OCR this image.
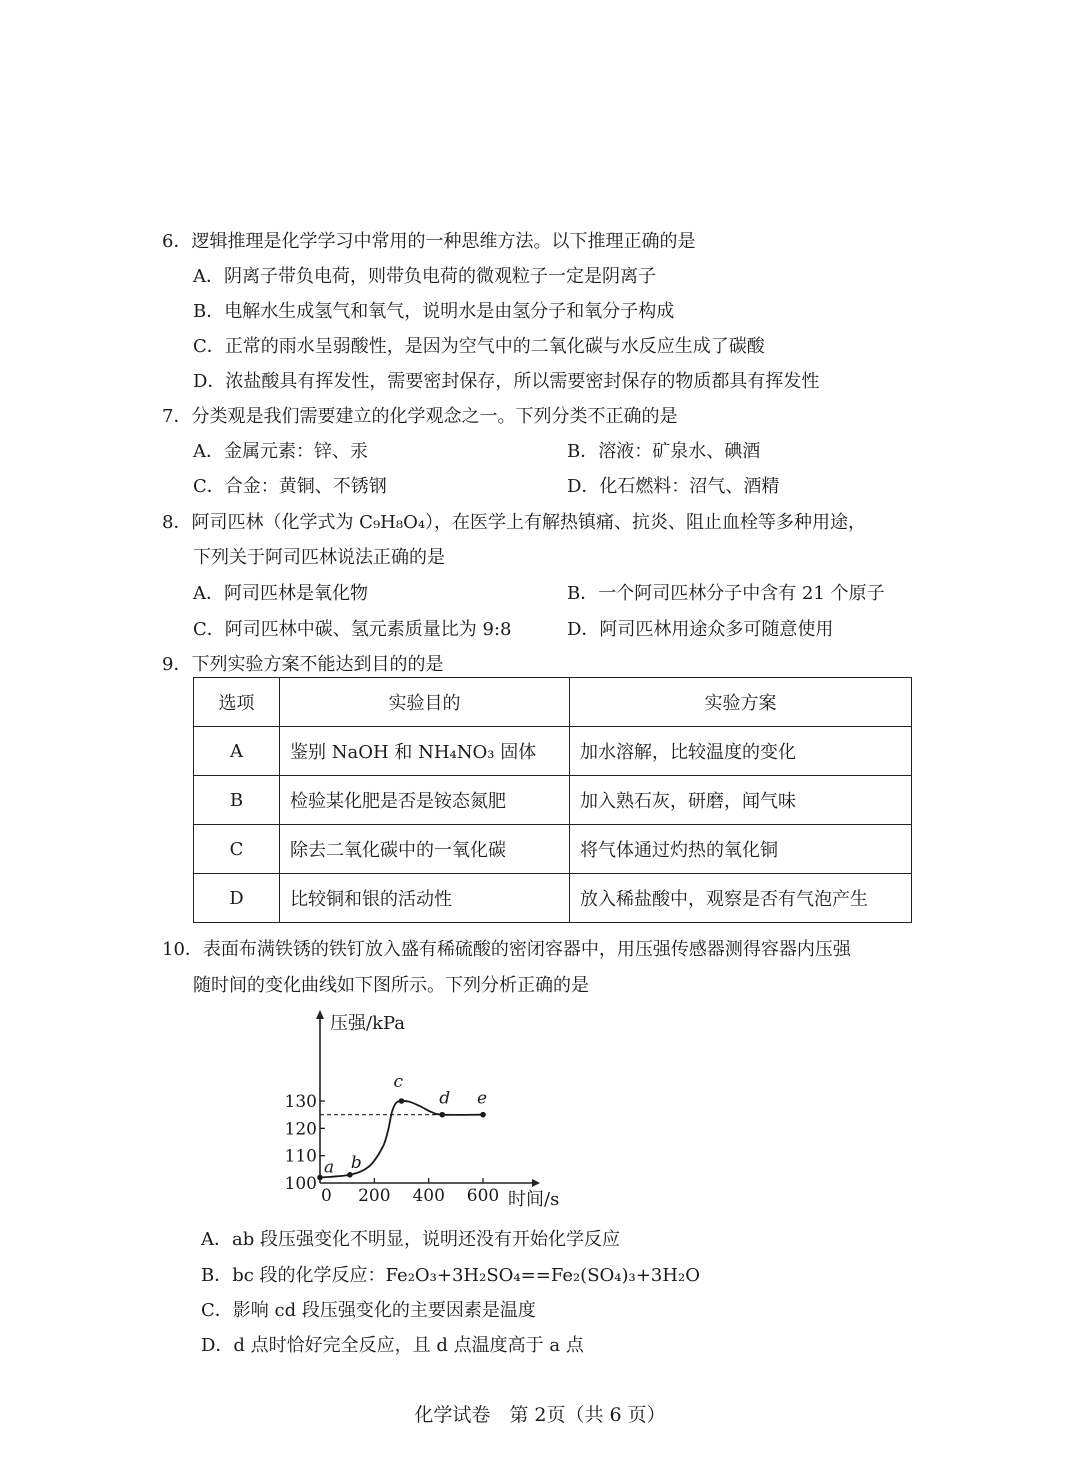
6．逻辑推理是化学学习中常用的一种思维方法。以下推理正确的是
A．阴离子带负电荷，则带负电荷的微观粒子一定是阴离子
B．电解水生成氢气和氧气，说明水是由氢分子和氧分子构成
C．正常的雨水呈弱酸性，是因为空气中的二氧化碳与水反应生成了碳酸
D．浓盐酸具有挥发性，需要密封保存，所以需要密封保存的物质都具有挥发性
7．分类观是我们需要建立的化学观念之一。下列分类不正确的是
A．金属元素：锌、汞	B．溶液：矿泉水、碘酒
C．合金：黄铜、不锈钢	D．化石燃料：沼气、酒精
8．阿司匹林（化学式为 C₉H₈O₄），在医学上有解热镇痛、抗炎、阻止血栓等多种用途，
下列关于阿司匹林说法正确的是
A．阿司匹林是氧化物	B．一个阿司匹林分子中含有 21 个原子
C．阿司匹林中碳、氢元素质量比为 9:8	D．阿司匹林用途众多可随意使用
9．下列实验方案不能达到目的的是
选项	实验目的	实验方案
A	鉴别 NaOH 和 NH₄NO₃ 固体	加水溶解，比较温度的变化
B	检验某化肥是否是铵态氮肥	加入熟石灰，研磨，闻气味
C	除去二氧化碳中的一氧化碳	将气体通过灼热的氧化铜
D	比较铜和银的活动性	放入稀盐酸中，观察是否有气泡产生
10．表面布满铁锈的铁钉放入盛有稀硫酸的密闭容器中，用压强传感器测得容器内压强
随时间的变化曲线如下图所示。下列分析正确的是
100
110
120
130
0 200 400 600
a b
c
d e
压强/kPa
时间/s
A．ab 段压强变化不明显，说明还没有开始化学反应
B．bc 段的化学反应：Fe₂O₃+3H₂SO₄==Fe₂(SO₄)₃+3H₂O
C．影响 cd 段压强变化的主要因素是温度
D．d 点时恰好完全反应，且 d 点温度高于 a 点
化学试卷　第 2页（共 6 页）
